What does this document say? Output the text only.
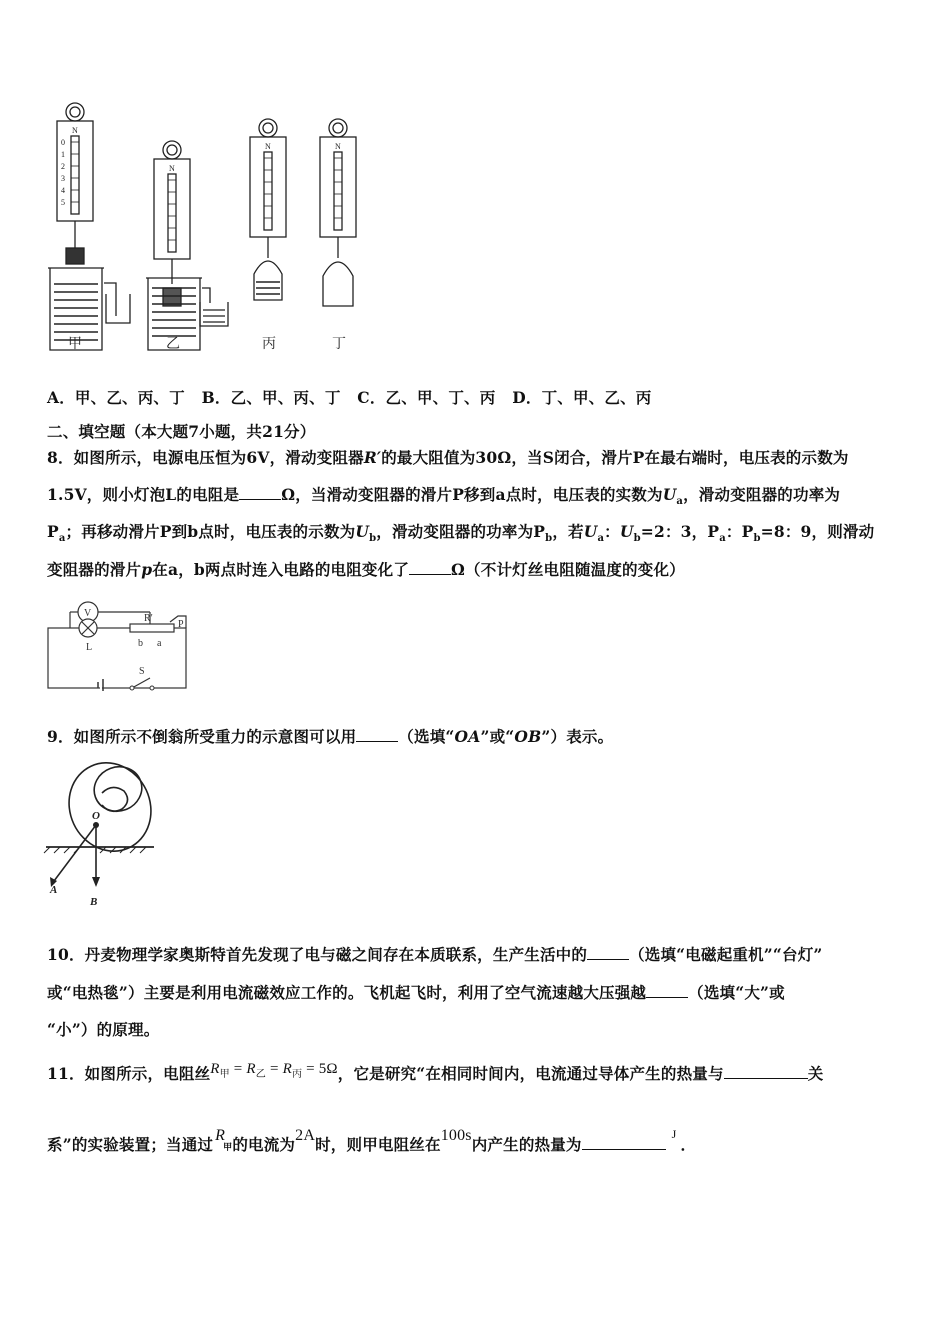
N
N
N	N
0
1
2
3
4
5
甲	乙	丙	丁
A．甲、乙、丙、丁   B．乙、甲、丙、丁   C．乙、甲、丁、丙   D．丁、甲、乙、丙
二、填空题（本大题7小题，共21分）
8．如图所示，电源电压恒为6V，滑动变阻器R′的最大阻值为30Ω，当S闭合，滑片P在最右端时，电压表的示数为
1.5V，则小灯泡L的电阻是	Ω，当滑动变阻器的滑片P移到a点时，电压表的实数为$U_a$，滑动变阻器的功率为
$P_a$；再移动滑片P到b点时，电压表的示数为$U_b$，滑动变阻器的功率为$P_b$，若$U_a$：$U_b=2$：3，$P_a$：$P_b=8$：9，则滑动
变阻器的滑片p在a，b两点时连入电路的电阻变化了	Ω（不计灯丝电阻随温度的变化）
V	R′
P
L	b a
S
9．如图所示不倒翁所受重力的示意图可以用	（选填“OA”或“OB”）表示。
O
A
B
10．丹麦物理学家奥斯特首先发现了电与磁之间存在本质联系，生产生活中的	（选填“电磁起重机”“台灯”
或“电热毯”）主要是利用电流磁效应工作的。飞机起飞时，利用了空气流速越大压强越	（选填“大”或
“小”）的原理。
11．如图所示，电阻丝$R_甲 = R_乙 = R_丙 = 5\Omega$，它是研究“在相同时间内，电流通过导体产生的热量与	关
系”的实验装置；当通过 R甲的电流为2A时，则甲电阻丝在100s内产生的热量为$^J$．
